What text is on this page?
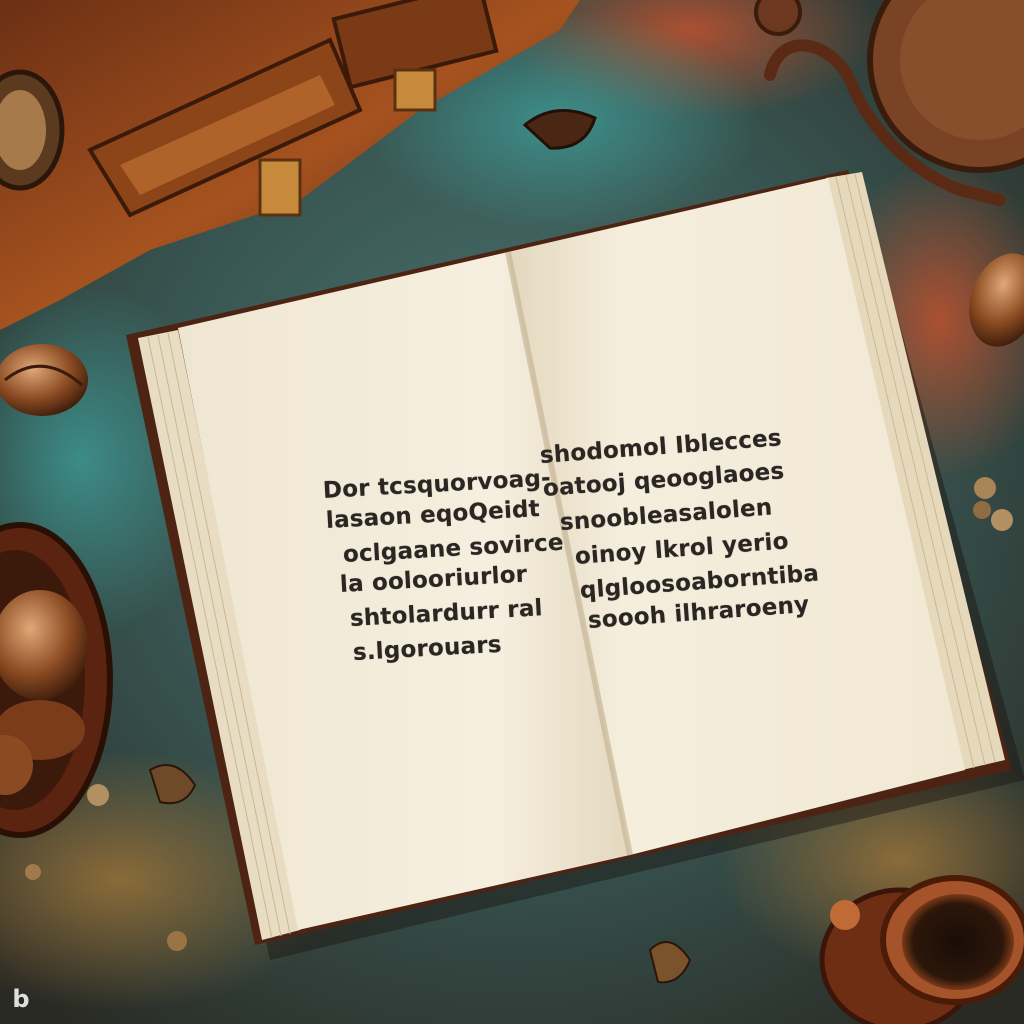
Dor tcsquorvoag-
lasaon eqoQeidt
oclgaane sovirce
la oolooriurlor
shtolardurr ral
s.lgorouars
shodomol Iblecces
oatooj qeooglaoes
snoobleasalolen
oinoy lkrol yerio
qlgloosoaborntiba
soooh ilhraroeny
b
